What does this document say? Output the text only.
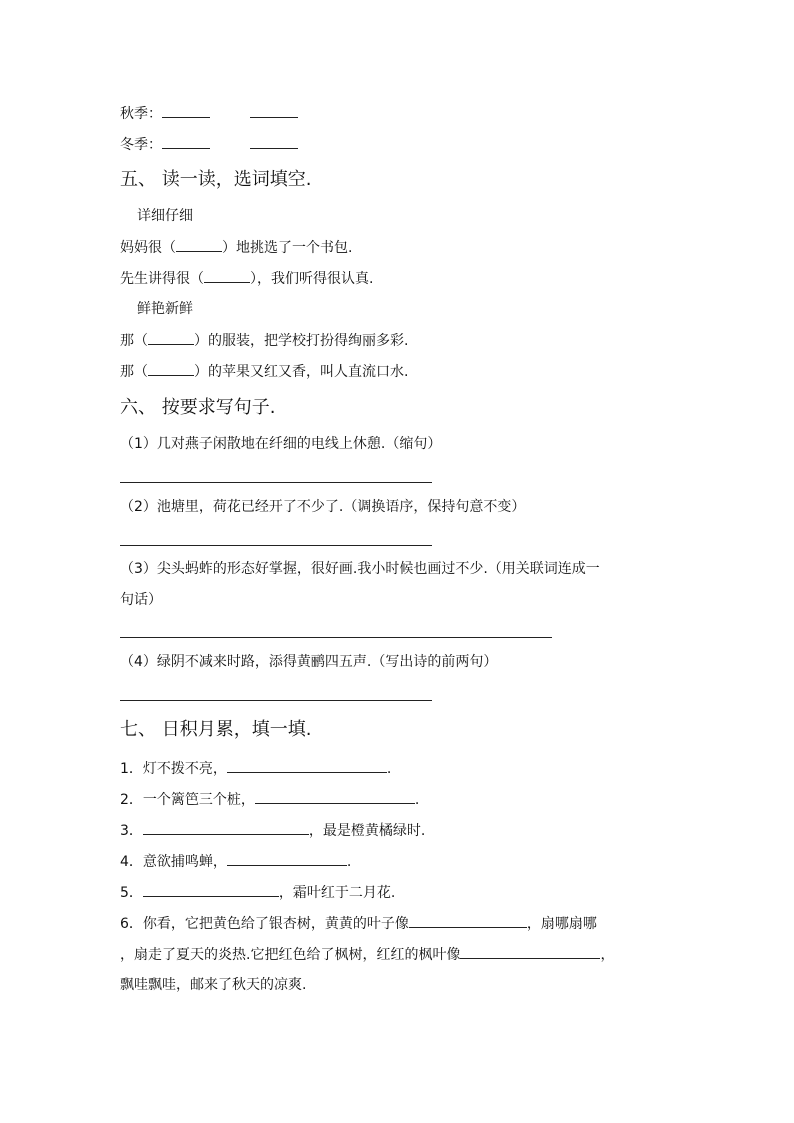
秋季：
冬季：
五、 读一读，选词填空.
详细仔细
妈妈很（	）地挑选了一个书包.
先生讲得很（	），我们听得很认真.
鲜艳新鲜
那（	）的服装，把学校打扮得绚丽多彩.
那（	）的苹果又红又香，叫人直流口水.
六、 按要求写句子.
（1）几对燕子闲散地在纤细的电线上休憩.（缩句）
（2）池塘里，荷花已经开了不少了.（调换语序，保持句意不变）
（3）尖头蚂蚱的形态好掌握，很好画.我小时候也画过不少.（用关联词连成一
句话）
（4）绿阴不减来时路，添得黄鹂四五声.（写出诗的前两句）
七、 日积月累，填一填.
1．灯不拨不亮，	.
2．一个篱笆三个桩，	.
3．	，最是橙黄橘绿时.
4．意欲捕鸣蝉，	.
5．	，霜叶红于二月花.
6．你看，它把黄色给了银杏树，黄黄的叶子像	，扇哪扇哪
，扇走了夏天的炎热.它把红色给了枫树，红红的枫叶像	，
飘哇飘哇，邮来了秋天的凉爽.
